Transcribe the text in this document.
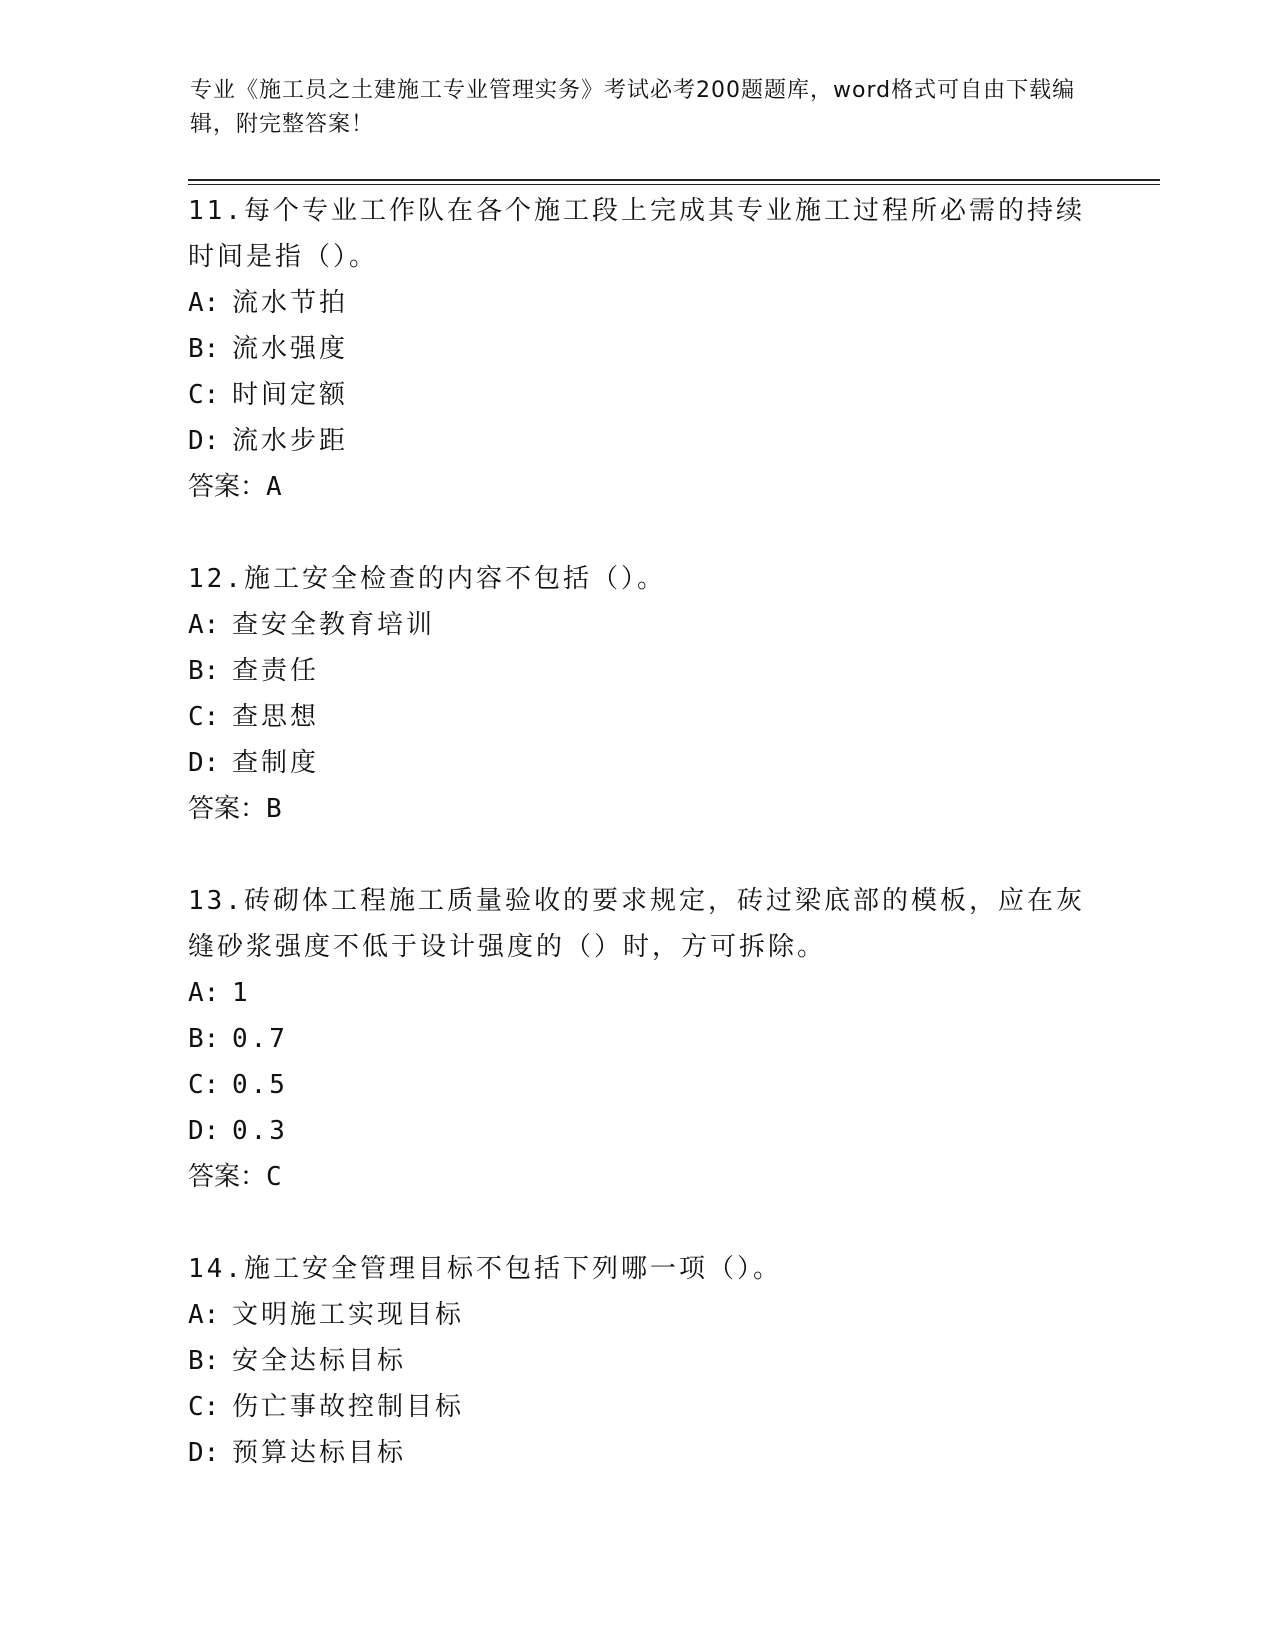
专业《施工员之土建施工专业管理实务》考试必考200题题库，word格式可自由下载编辑，附完整答案！

11.每个专业工作队在各个施工段上完成其专业施工过程所必需的持续时间是指（）。

A: 流水节拍
B: 流水强度
C: 时间定额
D: 流水步距
答案：A

12.施工安全检查的内容不包括（）。

A: 查安全教育培训
B: 查责任
C: 查思想
D: 查制度
答案：B

13.砖砌体工程施工质量验收的要求规定，砖过梁底部的模板，应在灰缝砂浆强度不低于设计强度的（）时，方可拆除。

A: 1
B: 0.7
C: 0.5
D: 0.3
答案：C

14.施工安全管理目标不包括下列哪一项（）。

A: 文明施工实现目标
B: 安全达标目标
C: 伤亡事故控制目标
D: 预算达标目标
